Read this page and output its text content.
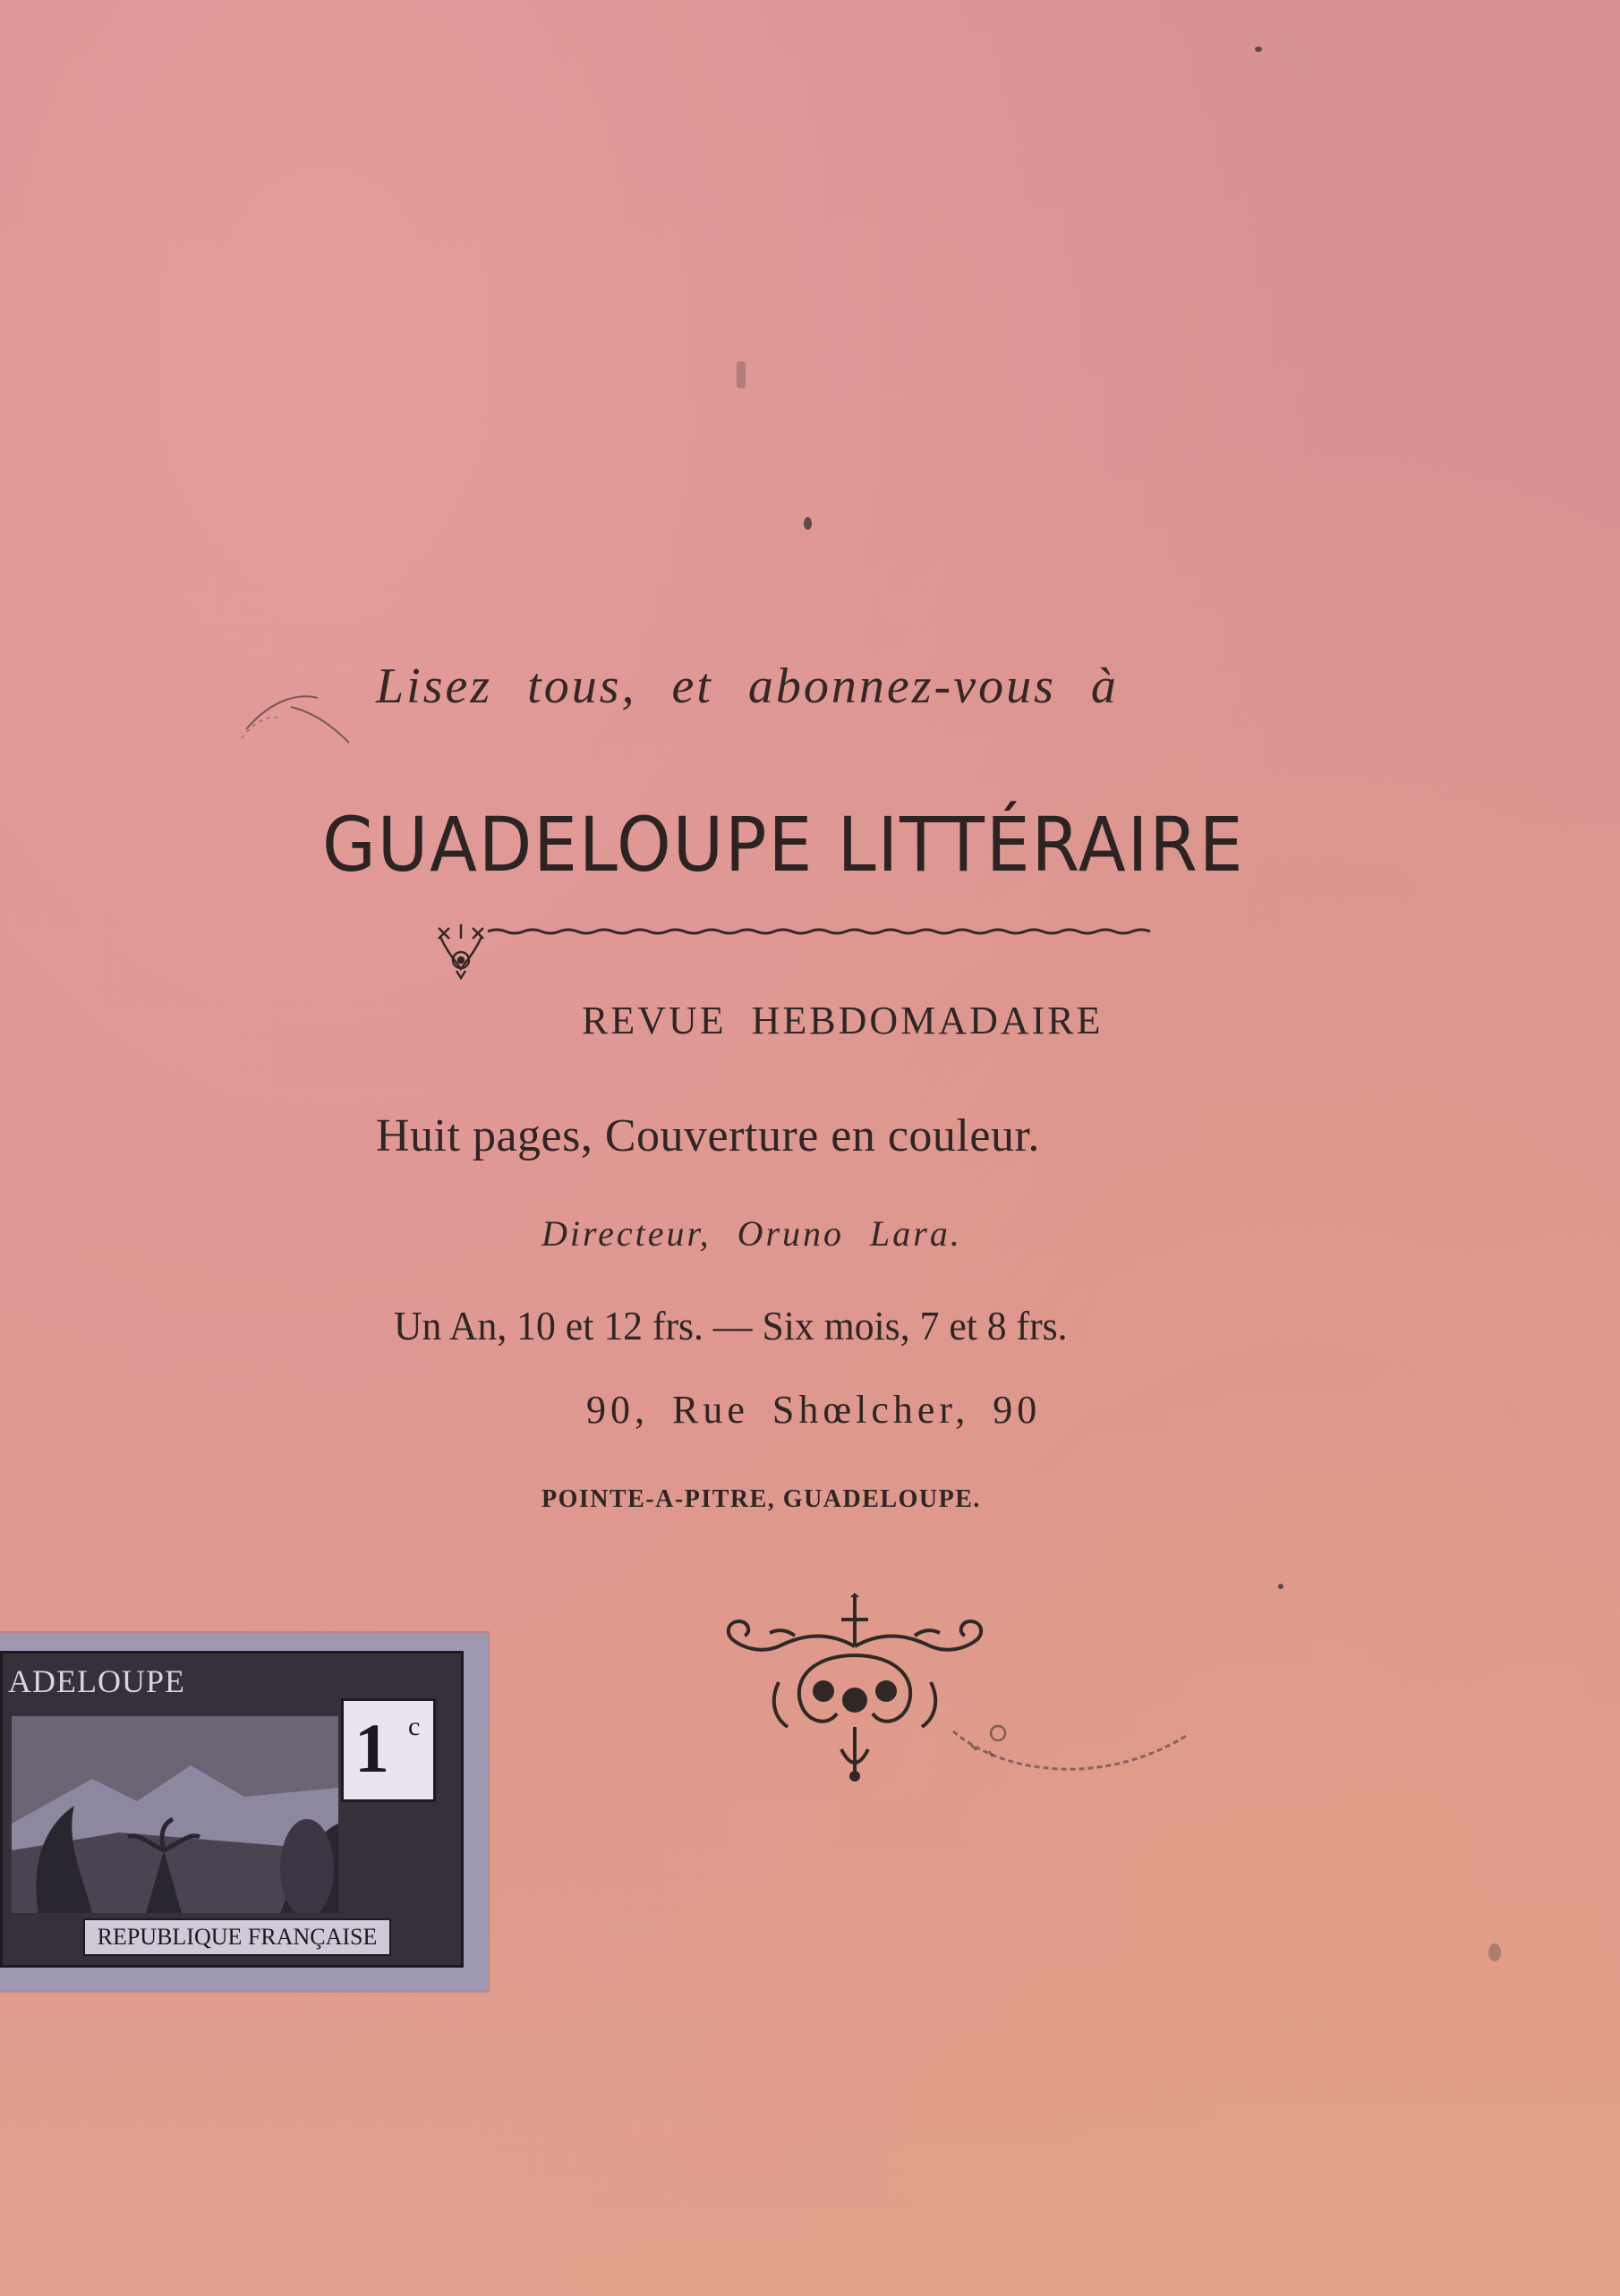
Lisez tous, et abonnez-vous à
GUADELOUPE LITTÉRAIRE
REVUE HEBDOMADAIRE
Huit pages, Couverture en couleur.
Directeur, Oruno Lara.
Un An, 10 et 12 frs. — Six mois, 7 et 8 frs.
90, Rue Shœlcher, 90
POINTE-A-PITRE, GUADELOUPE.
ADELOUPE
1 c
REPUBLIQUE FRANÇAISE
